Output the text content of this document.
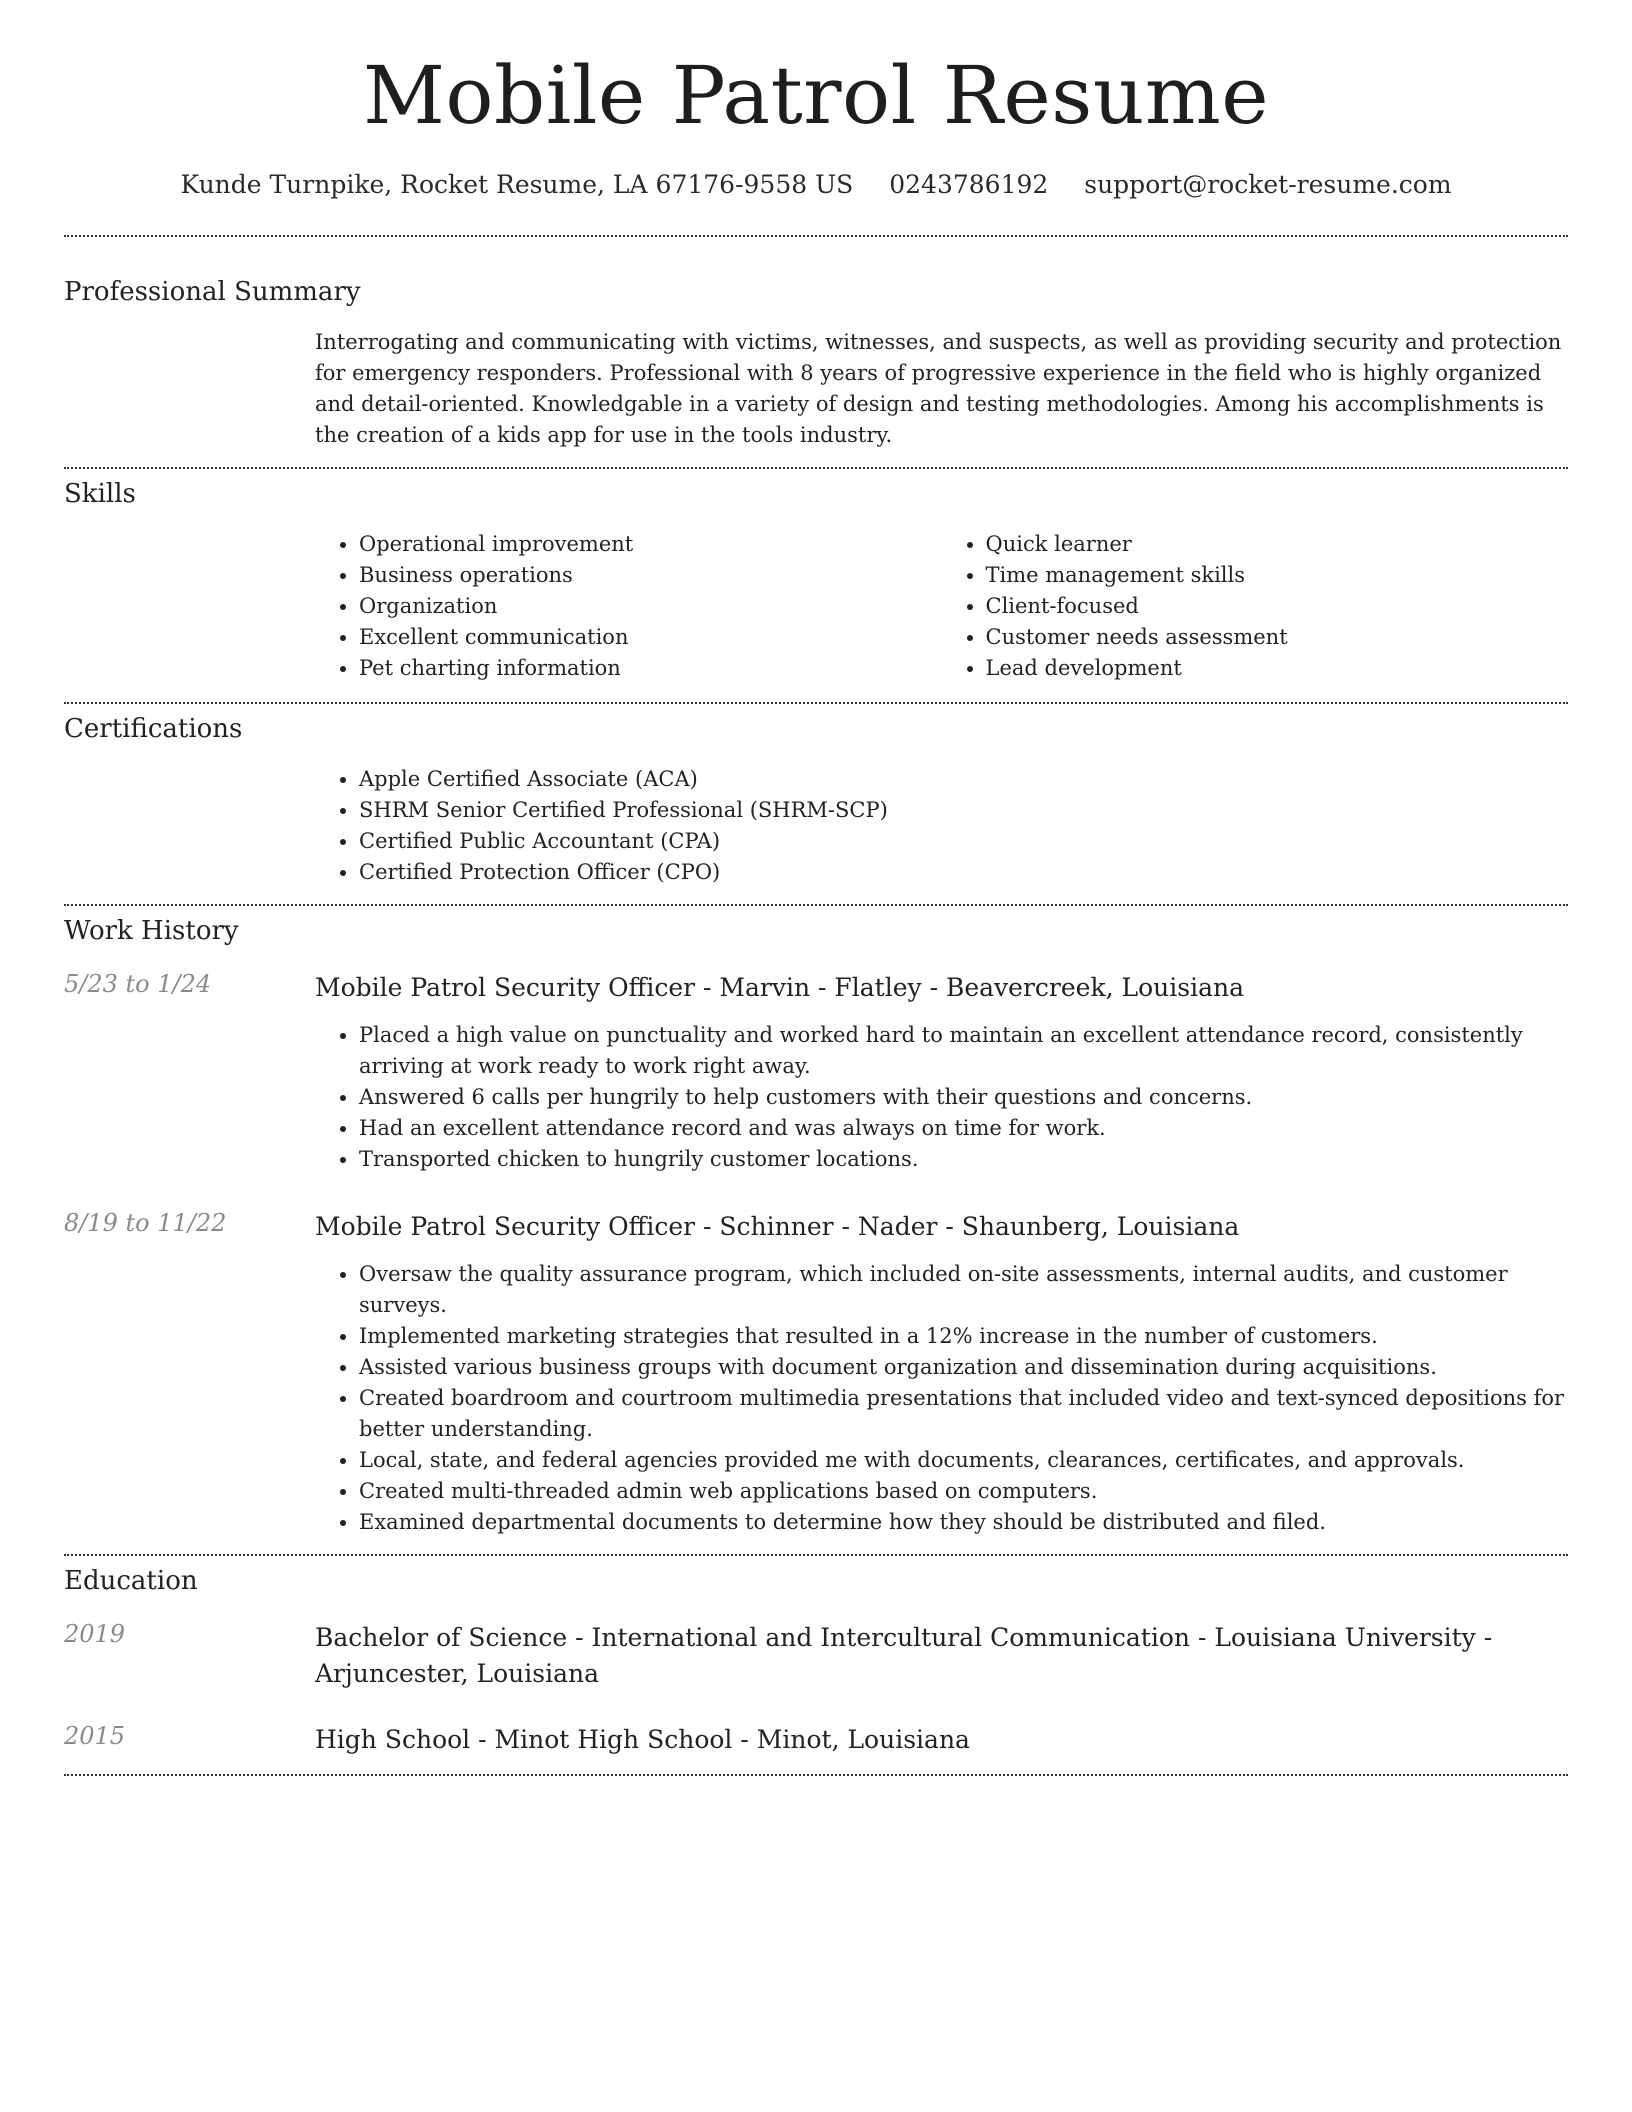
Mobile Patrol Resume
Kunde Turnpike, Rocket Resume, LA 67176-9558 US 0243786192 support@rocket-resume.com
Professional Summary

Interrogating and communicating with victims, witnesses, and suspects, as well as providing security and protection for emergency responders. Professional with 8 years of progressive experience in the field who is highly organized and detail-oriented. Knowledgable in a variety of design and testing methodologies. Among his accomplishments is the creation of a kids app for use in the tools industry.

Skills
• Operational improvement
• Business operations
• Organization
• Excellent communication
• Pet charting information
• Quick learner
• Time management skills
• Client-focused
• Customer needs assessment
• Lead development
Certifications
• Apple Certified Associate (ACA)
• SHRM Senior Certified Professional (SHRM-SCP)
• Certified Public Accountant (CPA)
• Certified Protection Officer (CPO)
Work History
5/23 to 1/24	Mobile Patrol Security Officer - Marvin - Flatley - Beavercreek, Louisiana
• Placed a high value on punctuality and worked hard to maintain an excellent attendance record, consistently arriving at work ready to work right away.
• Answered 6 calls per hungrily to help customers with their questions and concerns.
• Had an excellent attendance record and was always on time for work.
• Transported chicken to hungrily customer locations.
8/19 to 11/22	Mobile Patrol Security Officer - Schinner - Nader - Shaunberg, Louisiana
• Oversaw the quality assurance program, which included on-site assessments, internal audits, and customer surveys.
• Implemented marketing strategies that resulted in a 12% increase in the number of customers.
• Assisted various business groups with document organization and dissemination during acquisitions.
• Created boardroom and courtroom multimedia presentations that included video and text-synced depositions for better understanding.
• Local, state, and federal agencies provided me with documents, clearances, certificates, and approvals.
• Created multi-threaded admin web applications based on computers.
• Examined departmental documents to determine how they should be distributed and filed.
Education
2019	Bachelor of Science - International and Intercultural Communication - Louisiana University - Arjuncester, Louisiana
2015	High School - Minot High School - Minot, Louisiana
